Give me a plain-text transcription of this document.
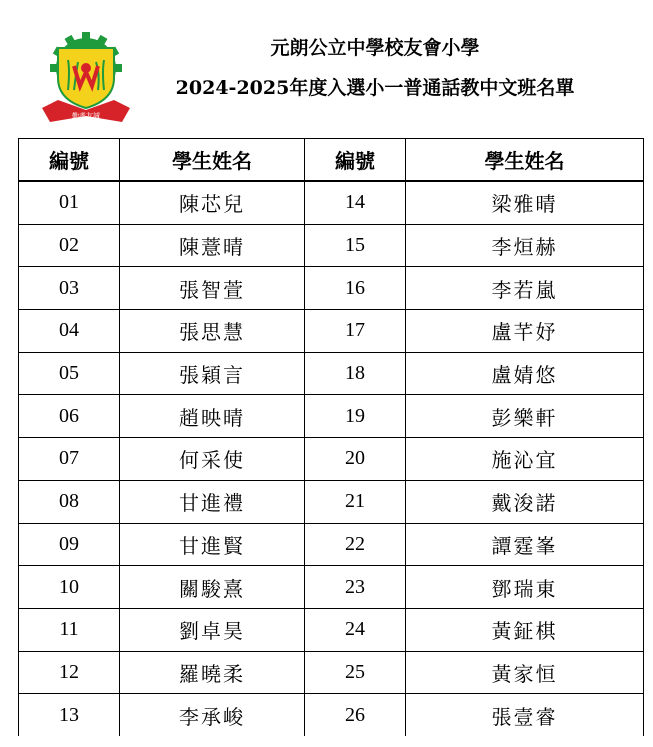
勤孝友誠
元朗公立中學校友會小學
2024-2025年度入選小一普通話教中文班名單
編號	學生姓名	編號	學生姓名
01	陳芯兒	14	梁雅晴
02	陳薏晴	15	李烜赫
03	張智萱	16	李若嵐
04	張思慧	17	盧芊妤
05	張穎言	18	盧婧悠
06	趙映晴	19	彭樂軒
07	何采使	20	施沁宜
08	甘進禮	21	戴浚諾
09	甘進賢	22	譚霆峯
10	關駿熹	23	鄧瑞東
11	劉卓昊	24	黃鉦棋
12	羅曉柔	25	黃家恒
13	李承峻	26	張壹睿
